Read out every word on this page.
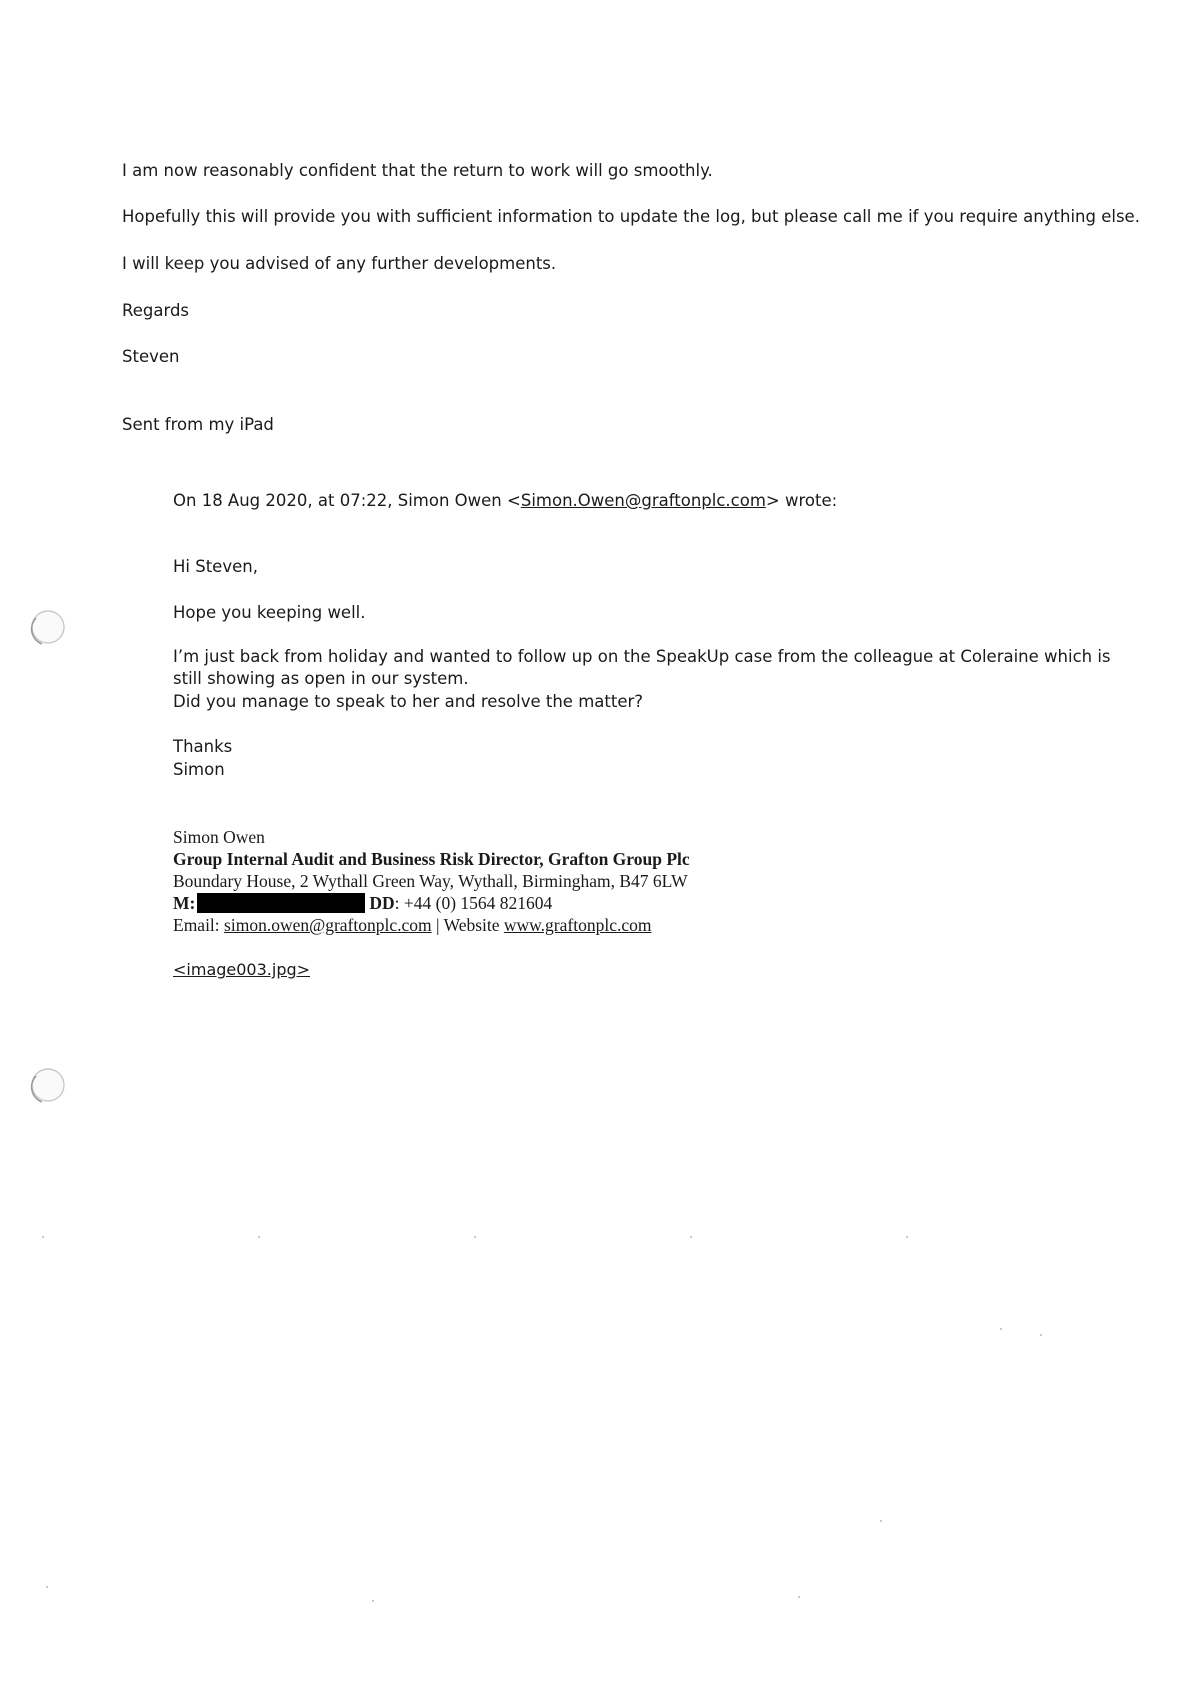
I am now reasonably confident that the return to work will go smoothly.

Hopefully this will provide you with sufficient information to update the log, but please call me if you require anything else.

I will keep you advised of any further developments.

Regards

Steven

Sent from my iPad

On 18 Aug 2020, at 07:22, Simon Owen <Simon.Owen@graftonplc.com> wrote:
Hi Steven,
Hope you keeping well.
I’m just back from holiday and wanted to follow up on the SpeakUp case from the colleague at Coleraine which is
still showing as open in our system.
Did you manage to speak to her and resolve the matter?
Thanks
Simon
Simon Owen
Group Internal Audit and Business Risk Director, Grafton Group Plc
Boundary House, 2 Wythall Green Way, Wythall, Birmingham, B47 6LW
M:	DD: +44 (0) 1564 821604
Email: simon.owen@graftonplc.com | Website www.graftonplc.com
<image003.jpg>
